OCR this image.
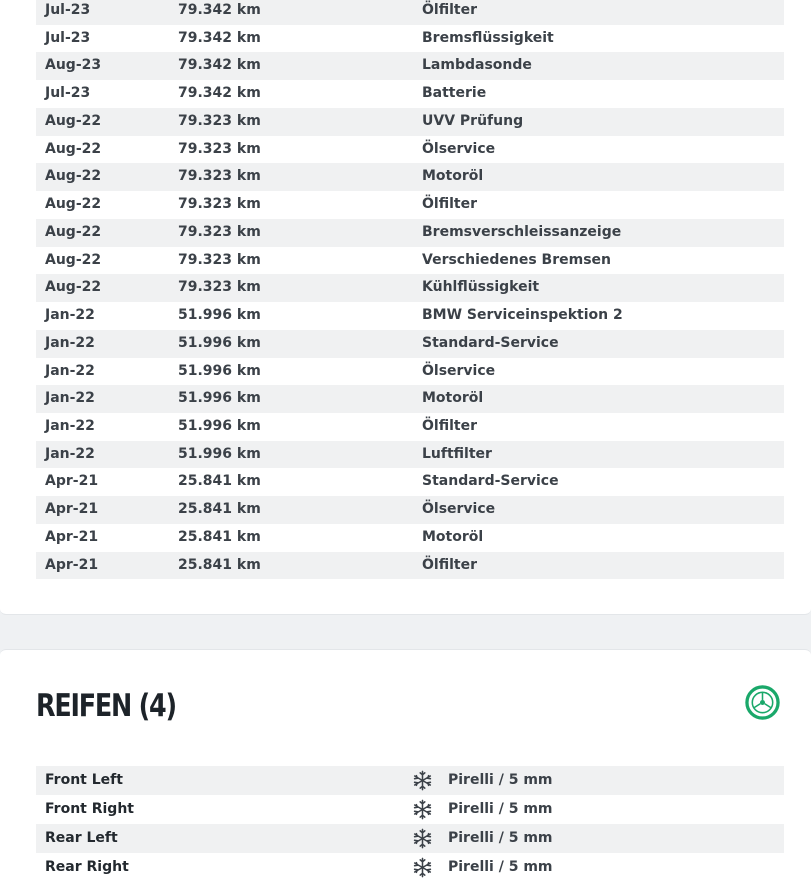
Jul-23	79.342 km	Ölfilter
Jul-23	79.342 km	Bremsflüssigkeit
Aug-23	79.342 km	Lambdasonde
Jul-23	79.342 km	Batterie
Aug-22	79.323 km	UVV Prüfung
Aug-22	79.323 km	Ölservice
Aug-22	79.323 km	Motoröl
Aug-22	79.323 km	Ölfilter
Aug-22	79.323 km	Bremsverschleissanzeige
Aug-22	79.323 km	Verschiedenes Bremsen
Aug-22	79.323 km	Kühlflüssigkeit
Jan-22	51.996 km	BMW Serviceinspektion 2
Jan-22	51.996 km	Standard-Service
Jan-22	51.996 km	Ölservice
Jan-22	51.996 km	Motoröl
Jan-22	51.996 km	Ölfilter
Jan-22	51.996 km	Luftfilter
Apr-21	25.841 km	Standard-Service
Apr-21	25.841 km	Ölservice
Apr-21	25.841 km	Motoröl
Apr-21	25.841 km	Ölfilter
REIFEN (4)
Front Left	Pirelli / 5 mm
Front Right	Pirelli / 5 mm
Rear Left	Pirelli / 5 mm
Rear Right	Pirelli / 5 mm
